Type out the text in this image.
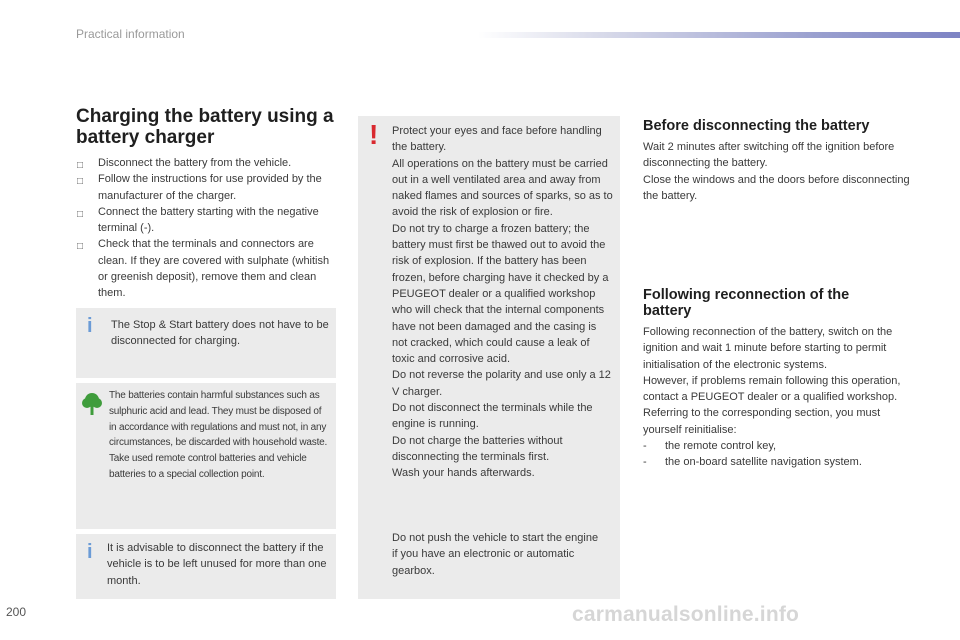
Practical information
Charging the battery using a battery charger
□ Disconnect the battery from the vehicle.
□ Follow the instructions for use provided by the manufacturer of the charger.
□ Connect the battery starting with the negative terminal (-).
□ Check that the terminals and connectors are clean. If they are covered with sulphate (whitish or greenish deposit), remove them and clean them.
i The Stop & Start battery does not have to be disconnected for charging.

The batteries contain harmful substances such as sulphuric acid and lead. They must be disposed of in accordance with regulations and must not, in any circumstances, be discarded with household waste.

Take used remote control batteries and vehicle batteries to a special collection point.

i It is advisable to disconnect the battery if the vehicle is to be left unused for more than one month.
! Protect your eyes and face before handling the battery.

All operations on the battery must be carried out in a well ventilated area and away from naked flames and sources of sparks, so as to avoid the risk of explosion or fire.

Do not try to charge a frozen battery; the battery must first be thawed out to avoid the risk of explosion. If the battery has been frozen, before charging have it checked by a PEUGEOT dealer or a qualified workshop who will check that the internal components have not been damaged and the casing is not cracked, which could cause a leak of toxic and corrosive acid.

Do not reverse the polarity and use only a 12 V charger.

Do not disconnect the terminals while the engine is running.

Do not charge the batteries without disconnecting the terminals first.

Wash your hands afterwards.

Do not push the vehicle to start the engine if you have an electronic or automatic gearbox.
Before disconnecting the battery

Wait 2 minutes after switching off the ignition before disconnecting the battery.

Close the windows and the doors before disconnecting the battery.

Following reconnection of the battery

Following reconnection of the battery, switch on the ignition and wait 1 minute before starting to permit initialisation of the electronic systems.

However, if problems remain following this operation, contact a PEUGEOT dealer or a qualified workshop.

Referring to the corresponding section, you must yourself reinitialise:

- the remote control key,

- the on-board satellite navigation system.

200	carmanualsonline.info
